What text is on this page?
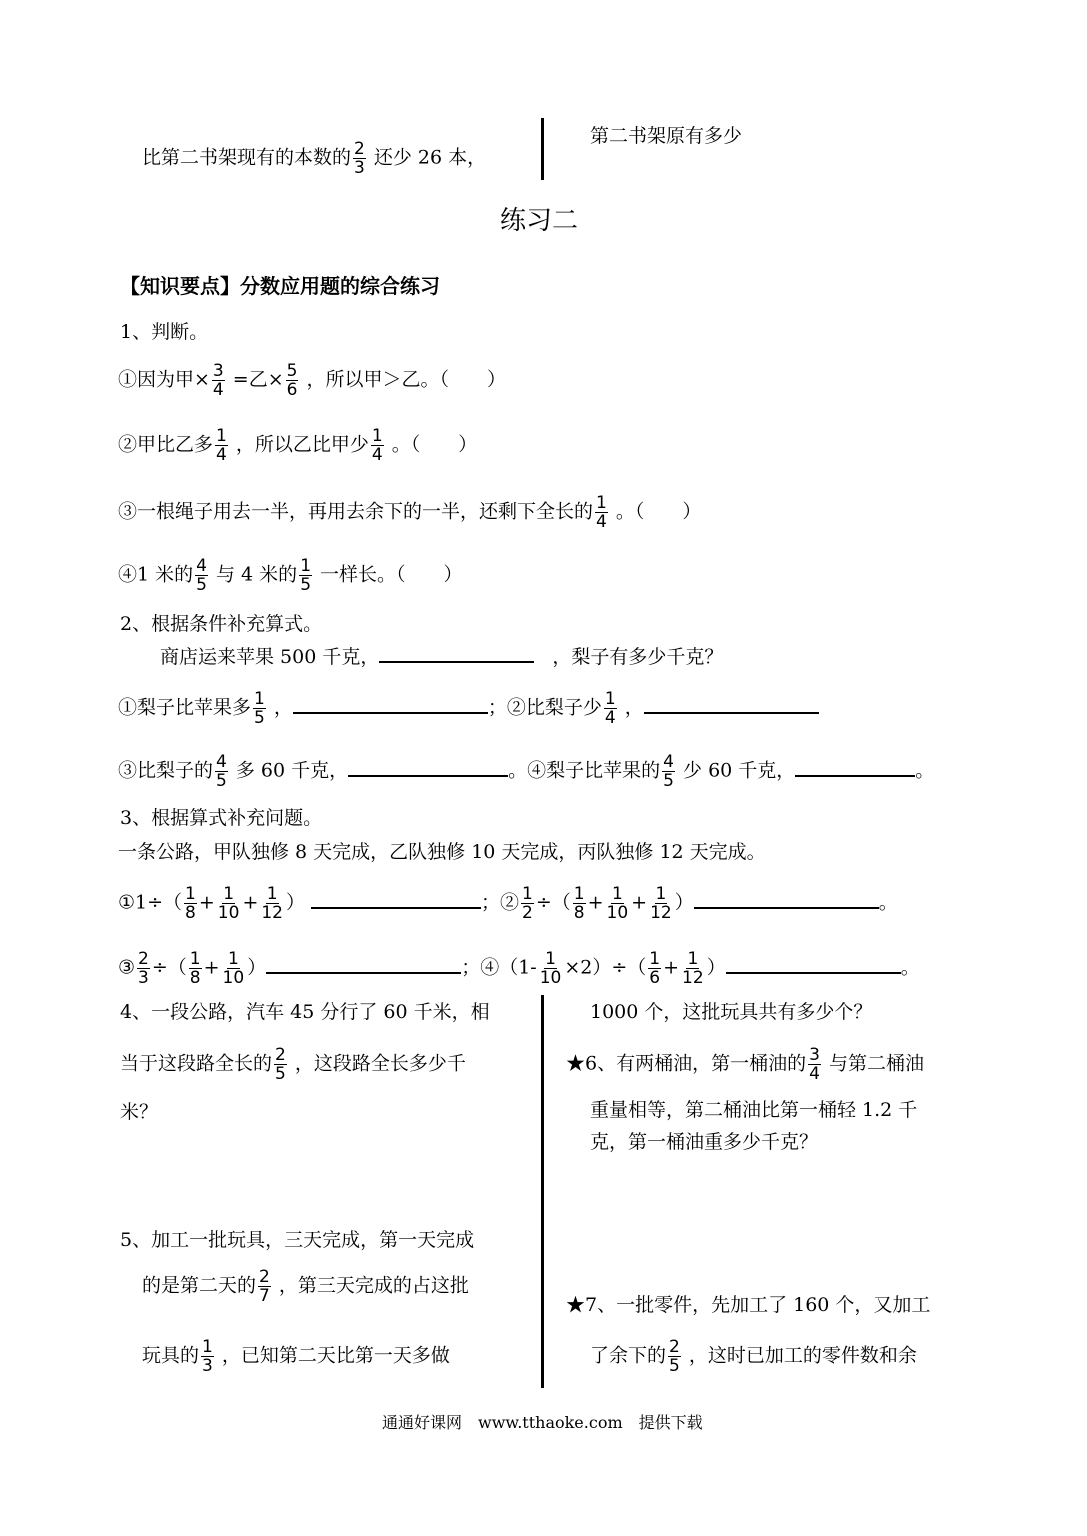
比第二书架现有的本数的 $\frac{2}{3}$ 还少 26 本，
第二书架原有多少
练习二
【知识要点】分数应用题的综合练习
1、判断。
①因为甲× $\frac{3}{4}$ =乙× $\frac{5}{6}$ ，所以甲＞乙。（　　）
②甲比乙多 $\frac{1}{4}$ ，所以乙比甲少 $\frac{1}{4}$ 。（　　）
③一根绳子用去一半，再用去余下的一半，还剩下全长的 $\frac{1}{4}$ 。（　　）
④1 米的 $\frac{4}{5}$ 与 4 米的 $\frac{1}{5}$ 一样长。（　　）
2、根据条件补充算式。
商店运来苹果 500 千克，	，梨子有多少千克？
①梨子比苹果多 $\frac{1}{5}$ ，	；②比梨子少 $\frac{1}{4}$ ，
③比梨子的 $\frac{4}{5}$ 多 60 千克，	。④梨子比苹果的 $\frac{4}{5}$ 少 60 千克，	。
3、根据算式补充问题。
一条公路，甲队独修 8 天完成，乙队独修 10 天完成，丙队独修 12 天完成。
①1÷（ $\frac{1}{8} + \frac{1}{10} + \frac{1}{12}$ ）	；② $\frac{1}{2}$ ÷（ $\frac{1}{8} + \frac{1}{10} + \frac{1}{12}$ ）	。
③ $\frac{2}{3}$ ÷（ $\frac{1}{8} + \frac{1}{10}$ ）	；④（1- $\frac{1}{10} \times 2)\div( \frac{1}{6} + \frac{1}{12}$ ）	。
4、一段公路，汽车 45 分行了 60 千米，相
当于这段路全长的 $\frac{2}{5}$ ，这段路全长多少千
米？
5、加工一批玩具，三天完成，第一天完成
的是第二天的 $\frac{2}{7}$ ，第三天完成的占这批
玩具的 $\frac{1}{3}$ ，已知第二天比第一天多做
1000 个，这批玩具共有多少个？
★6、有两桶油，第一桶油的 $\frac{3}{4}$ 与第二桶油
重量相等，第二桶油比第一桶轻 1.2 千
克，第一桶油重多少千克？
★7、一批零件，先加工了 160 个，又加工
了余下的 $\frac{2}{5}$ ，这时已加工的零件数和余
通通好课网　www.tthaoke.com　提供下载
